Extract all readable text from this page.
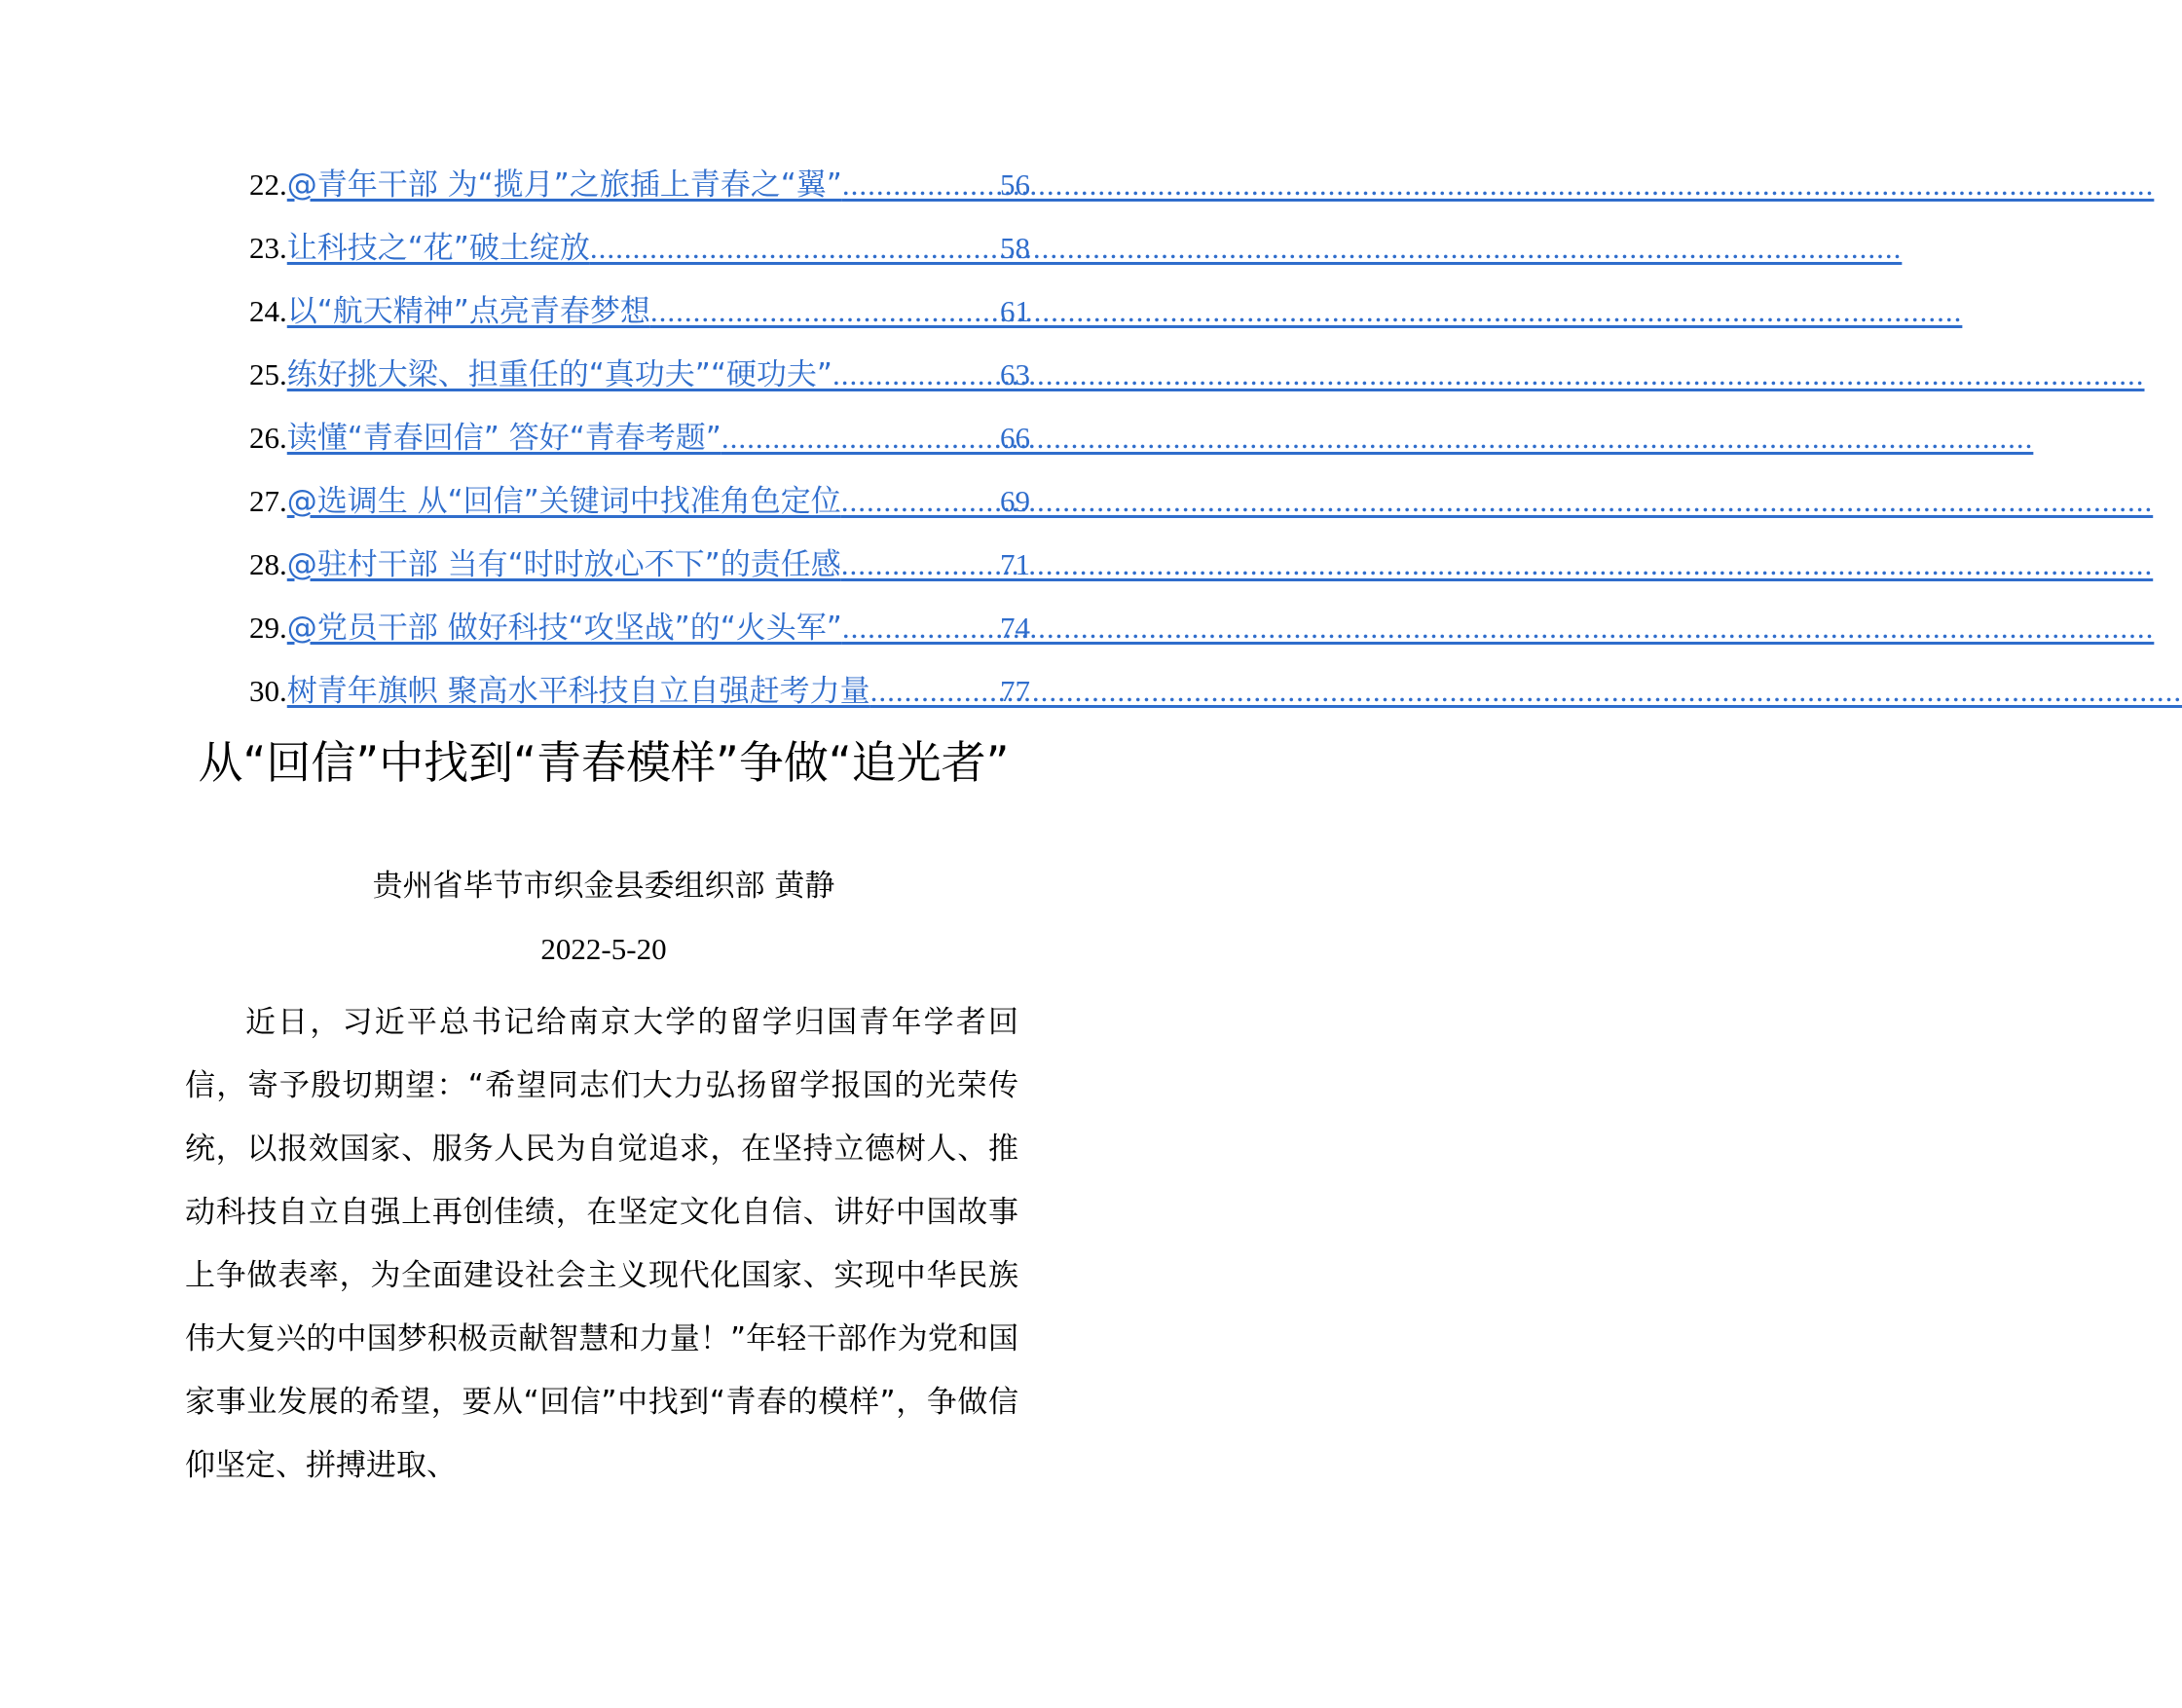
22. @青年干部 为“揽月”之旅插上青春之“翼” .....	56
23. 让科技之“花”破土绽放 .....	58
24. 以“航天精神”点亮青春梦想 .....	61
25. 练好挑大梁、担重任的“真功夫”“硬功夫” .....	63
26. 读懂“青春回信” 答好“青春考题” .....	66
27. @选调生 从“回信”关键词中找准角色定位 .....	69
28. @驻村干部 当有“时时放心不下”的责任感 .....	71
29. @党员干部 做好科技“攻坚战”的“火头军” .....	74
30. 树青年旗帜 聚高水平科技自立自强赶考力量 .....	77
从“回信”中找到“青春模样”争做“追光者”
贵州省毕节市织金县委组织部 黄静
2022-5-20

近日，习近平总书记给南京大学的留学归国青年学者回信，寄予殷切期望：“希望同志们大力弘扬留学报国的光荣传统，以报效国家、服务人民为自觉追求，在坚持立德树人、推动科技自立自强上再创佳绩，在坚定文化自信、讲好中国故事上争做表率，为全面建设社会主义现代化国家、实现中华民族伟大复兴的中国梦积极贡献智慧和力量！”年轻干部作为党和国家事业发展的希望，要从“回信”中找到“青春的模样”，争做信仰坚定、拼搏进取、
